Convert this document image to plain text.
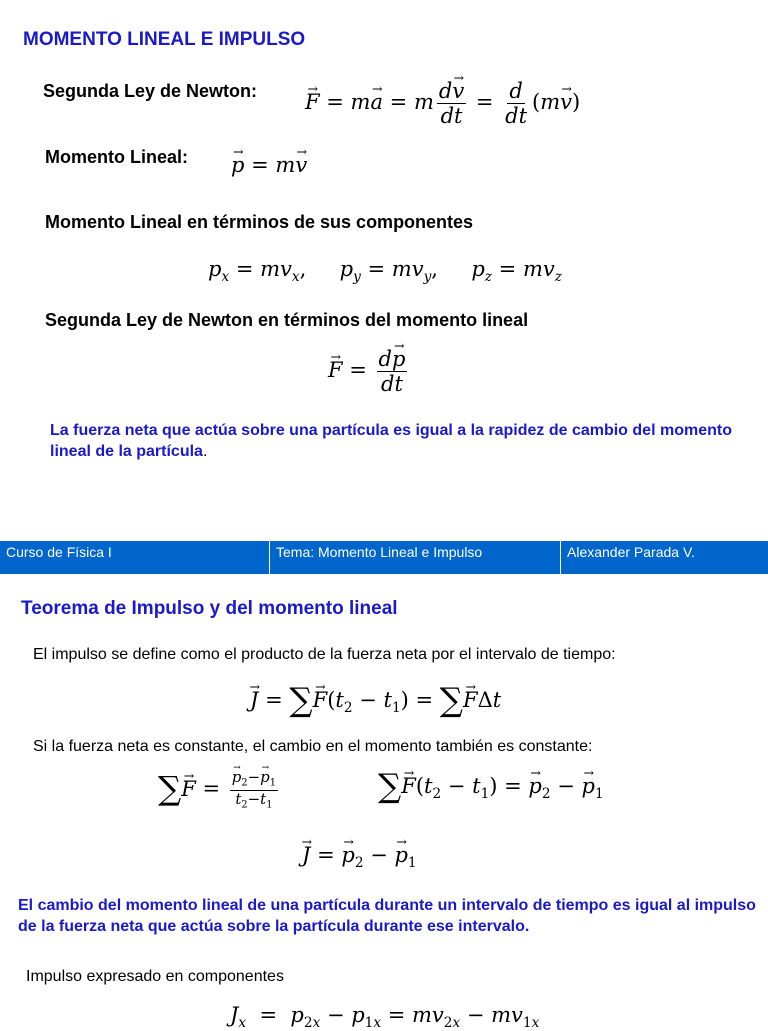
MOMENTO LINEAL E IMPULSO
Segunda Ley de Newton: → F = m→ a = m $\frac{d\to v}{dt} = \frac{d}{dt} (m\to v)$
Momento Lineal: → p = m→ v
Momento Lineal en términos de sus componentes
$p_x = mv_x$,     $p_y = mv_y$,     $p_z = mv_z$
Segunda Ley de Newton en términos del momento lineal
→ $F = \frac{d\to p}{dt}$
La fuerza neta que actúa sobre una partícula es igual a la rapidez de cambio del momento lineal de la partícula.
Curso de Física I	Tema: Momento Lineal e Impulso	Alexander Parada V.
Teorema de Impulso y del momento lineal
El impulso se define como el producto de la fuerza neta por el intervalo de tiempo:
→ J = ∑→ $F(t_2 - t_1)$ = ∑→ FΔt
Si la fuerza neta es constante, el cambio en el momento también es constante:
∑→ F = → $\frac{p_2-\to p_1}{t_2-t_1}$	∑→ $F(t_2 - t_1)$ = → $p_2$ − → $p_1$
→ J = → $p_2$ − → $p_1$
El cambio del momento lineal de una partícula durante un intervalo de tiempo es igual al impulso de la fuerza neta que actúa sobre la partícula durante ese intervalo.
Impulso expresado en componentes
$J_x = p_{2x} - p_{1x} = mv_{2x} - mv_{1x}$
